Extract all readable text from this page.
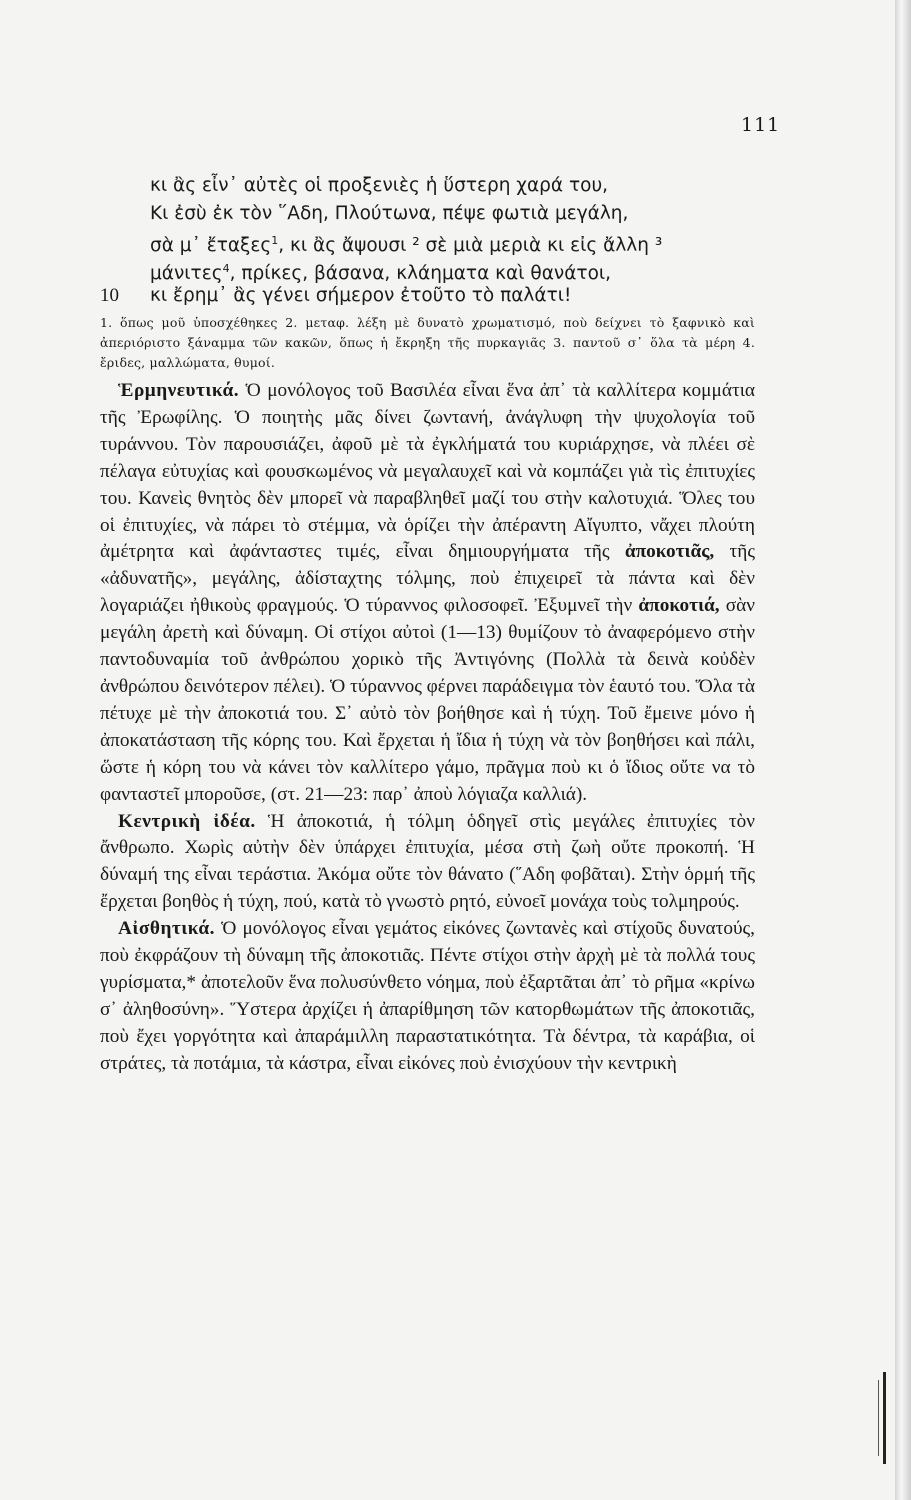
111
κι ἂς εἶν᾿ αὐτὲς οἱ προξενιὲς ἡ ὕστερη χαρά του,
Κι ἐσὺ ἐκ τὸν ῞Αδη, Πλούτωνα, πέψε φωτιὰ μεγάλη,
σὰ μ᾿ ἔταξες$^1$, κι ἂς ἄψουσι ² σὲ μιὰ μεριὰ κι εἰς ἄλλη ³
μάνιτες$^4$, πρίκες, βάσανα, κλάηματα καὶ θανάτοι,
10 κι ἔρημ᾿ ἂς γένει σήμερον ἐτοῦτο τὸ παλάτι!
1. ὅπως μοῦ ὑποσχέθηκες 2. μεταφ. λέξη μὲ δυνατὸ χρωματισμό, ποὺ δείχνει τὸ ξαφνικὸ καὶ ἀπεριόριστο ξάναμμα τῶν κακῶν, ὅπως ἡ ἔκρηξη τῆς πυρκαγιᾶς 3. παντοῦ σ᾿ ὅλα τὰ μέρη 4. ἔριδες, μαλλώματα, θυμοί.

Ἑρμηνευτικά. Ὁ μονόλογος τοῦ Βασιλέα εἶναι ἕνα ἀπ᾿ τὰ καλλίτερα κομμάτια τῆς Ἐρωφίλης. Ὁ ποιητὴς μᾶς δίνει ζωντανή, ἀνάγλυφη τὴν ψυχολογία τοῦ τυράννου. Τὸν παρουσιάζει, ἀφοῦ μὲ τὰ ἐγκλήματά του κυριάρχησε, νὰ πλέει σὲ πέλαγα εὐτυχίας καὶ φουσκωμένος νὰ μεγαλαυχεῖ καὶ νὰ κομπάζει γιὰ τὶς ἐπιτυχίες του. Κανεὶς θνητὸς δὲν μπορεῖ νὰ παραβληθεῖ μαζί του στὴν καλοτυχιά. Ὅλες του οἱ ἐπιτυχίες, νὰ πάρει τὸ στέμμα, νὰ ὁρίζει τὴν ἀπέραντη Αἴγυπτο, νἄχει πλούτη ἀμέτρητα καὶ ἀφάνταστες τιμές, εἶναι δημιουργήματα τῆς ἀποκοτιᾶς, τῆς «ἀδυνατῆς», μεγάλης, ἀδίσταχτης τόλμης, ποὺ ἐπιχειρεῖ τὰ πάντα καὶ δὲν λογαριάζει ἠθικοὺς φραγμούς. Ὁ τύραννος φιλοσοφεῖ. Ἐξυμνεῖ τὴν ἀποκοτιά, σὰν μεγάλη ἀρετὴ καὶ δύναμη. Οἱ στίχοι αὐτοὶ (1—13) θυμίζουν τὸ ἀναφερόμενο στὴν παντοδυναμία τοῦ ἀνθρώπου χορικὸ τῆς Ἀντιγόνης (Πολλὰ τὰ δεινὰ κοὐδὲν ἀνθρώπου δεινότερον πέλει). Ὁ τύραννος φέρνει παράδειγμα τὸν ἑαυτό του. Ὅλα τὰ πέτυχε μὲ τὴν ἀποκοτιά του. Σ᾿ αὐτὸ τὸν βοήθησε καὶ ἡ τύχη. Τοῦ ἔμεινε μόνο ἡ ἀποκατάσταση τῆς κόρης του. Καὶ ἔρχεται ἡ ἴδια ἡ τύχη νὰ τὸν βοηθήσει καὶ πάλι, ὥστε ἡ κόρη του νὰ κάνει τὸν καλλίτερο γάμο, πρᾶγμα ποὺ κι ὁ ἴδιος οὔτε να τὸ φανταστεῖ μποροῦσε, (στ. 21—23: παρ᾿ ἀποὺ λόγιαζα καλλιά).

Κεντρικὴ ἰδέα. Ἡ ἀποκοτιά, ἡ τόλμη ὁδηγεῖ στὶς μεγάλες ἐπιτυχίες τὸν ἄνθρωπο. Χωρὶς αὐτὴν δὲν ὑπάρχει ἐπιτυχία, μέσα στὴ ζωὴ οὔτε προκοπή. Ἡ δύναμή της εἶναι τεράστια. Ἀκόμα οὔτε τὸν θάνατο (῞Αδη φοβᾶται). Στὴν ὁρμή τῆς ἔρχεται βοηθὸς ἡ τύχη, πού, κατὰ τὸ γνωστὸ ρητό, εὐνοεῖ μονάχα τοὺς τολμηρούς.

Αἰσθητικά. Ὁ μονόλογος εἶναι γεμάτος εἰκόνες ζωντανὲς καὶ στίχοῦς δυνατούς, ποὺ ἐκφράζουν τὴ δύναμη τῆς ἀποκοτιᾶς. Πέντε στίχοι στὴν ἀρχὴ μὲ τὰ πολλά τους γυρίσματα,* ἀποτελοῦν ἕνα πολυσύνθετο νόημα, ποὺ ἐξαρτᾶται ἀπ᾿ τὸ ρῆμα «κρίνω σ᾿ ἀληθοσύνη». Ὕστερα ἀρχίζει ἡ ἀπαρίθμηση τῶν κατορθωμάτων τῆς ἀποκοτιᾶς, ποὺ ἔχει γοργότητα καὶ ἀπαράμιλλη παραστατικότητα. Τὰ δέντρα, τὰ καράβια, οἱ στράτες, τὰ ποτάμια, τὰ κάστρα, εἶναι εἰκόνες ποὺ ἐνισχύουν τὴν κεντρικὴ
